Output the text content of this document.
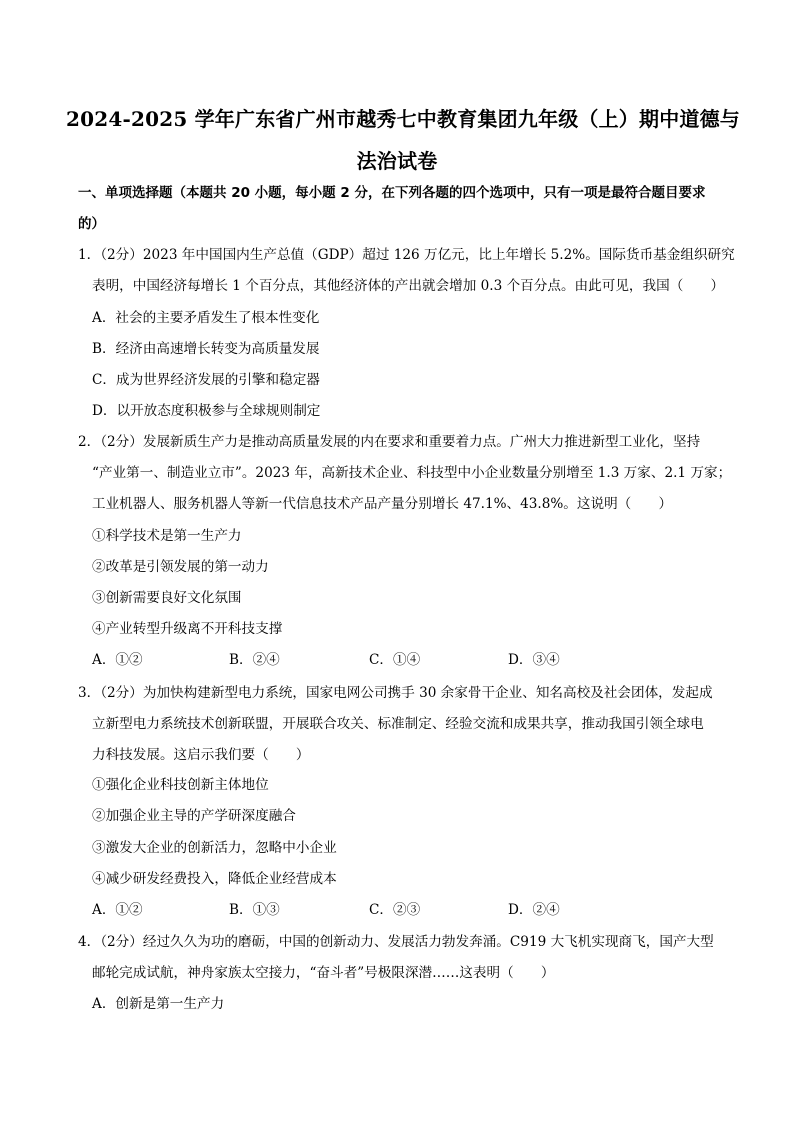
2024-2025 学年广东省广州市越秀七中教育集团九年级（上）期中道德与
法治试卷
一、单项选择题（本题共 20 小题，每小题 2 分，在下列各题的四个选项中，只有一项是最符合题目要求
的）
1．（2分）2023 年中国国内生产总值（GDP）超过 126 万亿元，比上年增长 5.2%。国际货币基金组织研究
表明，中国经济每增长 1 个百分点，其他经济体的产出就会增加 0.3 个百分点。由此可见，我国（　　）
A．社会的主要矛盾发生了根本性变化
B．经济由高速增长转变为高质量发展
C．成为世界经济发展的引擎和稳定器
D．以开放态度积极参与全球规则制定
2．（2分）发展新质生产力是推动高质量发展的内在要求和重要着力点。广州大力推进新型工业化，坚持
“产业第一、制造业立市”。2023 年，高新技术企业、科技型中小企业数量分别增至 1.3 万家、2.1 万家；
工业机器人、服务机器人等新一代信息技术产品产量分别增长 47.1%、43.8%。这说明（　　）
①科学技术是第一生产力
②改革是引领发展的第一动力
③创新需要良好文化氛围
④产业转型升级离不开科技支撑
A．①②	B．②④	C．①④	D．③④
3．（2分）为加快构建新型电力系统，国家电网公司携手 30 余家骨干企业、知名高校及社会团体，发起成
立新型电力系统技术创新联盟，开展联合攻关、标准制定、经验交流和成果共享，推动我国引领全球电
力科技发展。这启示我们要（　　）
①强化企业科技创新主体地位
②加强企业主导的产学研深度融合
③激发大企业的创新活力，忽略中小企业
④减少研发经费投入，降低企业经营成本
A．①②	B．①③	C．②③	D．②④
4．（2分）经过久久为功的磨砺，中国的创新动力、发展活力勃发奔涌。C919 大飞机实现商飞，国产大型
邮轮完成试航，神舟家族太空接力，“奋斗者”号极限深潜……这表明（　　）
A．创新是第一生产力
